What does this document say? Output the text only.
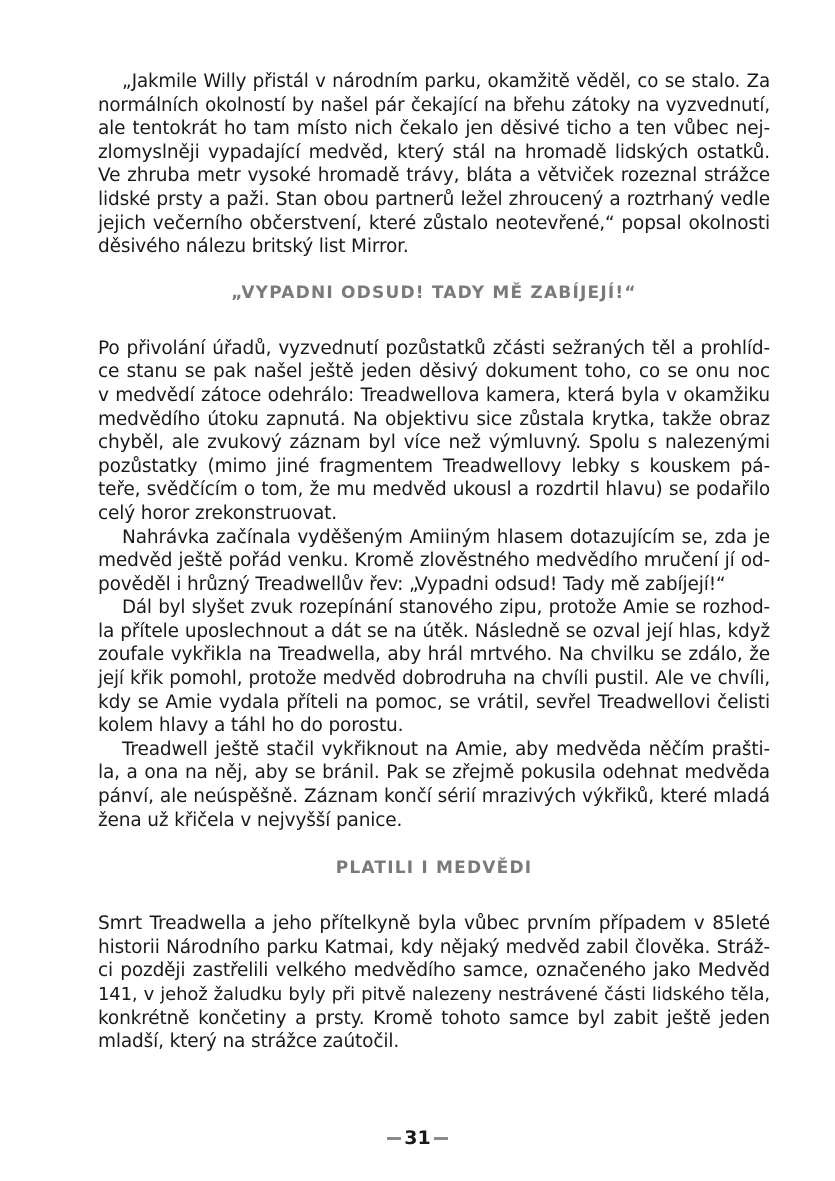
„Jakmile Willy přistál v národním parku, okamžitě věděl, co se stalo. Za
normálních okolností by našel pár čekající na břehu zátoky na vyzvednutí,
ale tentokrát ho tam místo nich čekalo jen děsivé ticho a ten vůbec nej-
zlomyslněji vypadající medvěd, který stál na hromadě lidských ostatků.
Ve zhruba metr vysoké hromadě trávy, bláta a větviček rozeznal strážce
lidské prsty a paži. Stan obou partnerů ležel zhroucený a roztrhaný vedle
jejich večerního občerstvení, které zůstalo neotevřené,“ popsal okolnosti
děsivého nálezu britský list Mirror.
„VYPADNI ODSUD! TADY MĚ ZABÍJEJÍ!“
Po přivolání úřadů, vyzvednutí pozůstatků zčásti sežraných těl a prohlíd-
ce stanu se pak našel ještě jeden děsivý dokument toho, co se onu noc
v medvědí zátoce odehrálo: Treadwellova kamera, která byla v okamžiku
medvědího útoku zapnutá. Na objektivu sice zůstala krytka, takže obraz
chyběl, ale zvukový záznam byl více než výmluvný. Spolu s nalezenými
pozůstatky (mimo jiné fragmentem Treadwellovy lebky s kouskem pá-
teře, svědčícím o tom, že mu medvěd ukousl a rozdrtil hlavu) se podařilo
celý horor zrekonstruovat.
Nahrávka začínala vyděšeným Amiiným hlasem dotazujícím se, zda je
medvěd ještě pořád venku. Kromě zlověstného medvědího mručení jí od-
pověděl i hrůzný Treadwellův řev: „Vypadni odsud! Tady mě zabíjejí!“
Dál byl slyšet zvuk rozepínání stanového zipu, protože Amie se rozhod-
la přítele uposlechnout a dát se na útěk. Následně se ozval její hlas, když
zoufale vykřikla na Treadwella, aby hrál mrtvého. Na chvilku se zdálo, že
její křik pomohl, protože medvěd dobrodruha na chvíli pustil. Ale ve chvíli,
kdy se Amie vydala příteli na pomoc, se vrátil, sevřel Treadwellovi čelisti
kolem hlavy a táhl ho do porostu.
Treadwell ještě stačil vykřiknout na Amie, aby medvěda něčím prašti-
la, a ona na něj, aby se bránil. Pak se zřejmě pokusila odehnat medvěda
pánví, ale neúspěšně. Záznam končí sérií mrazivých výkřiků, které mladá
žena už křičela v nejvyšší panice.
PLATILI I MEDVĚDI
Smrt Treadwella a jeho přítelkyně byla vůbec prvním případem v 85leté
historii Národního parku Katmai, kdy nějaký medvěd zabil člověka. Stráž-
ci později zastřelili velkého medvědího samce, označeného jako Medvěd
141, v jehož žaludku byly při pitvě nalezeny nestrávené části lidského těla,
konkrétně končetiny a prsty. Kromě tohoto samce byl zabit ještě jeden
mladší, který na strážce zaútočil.
31
